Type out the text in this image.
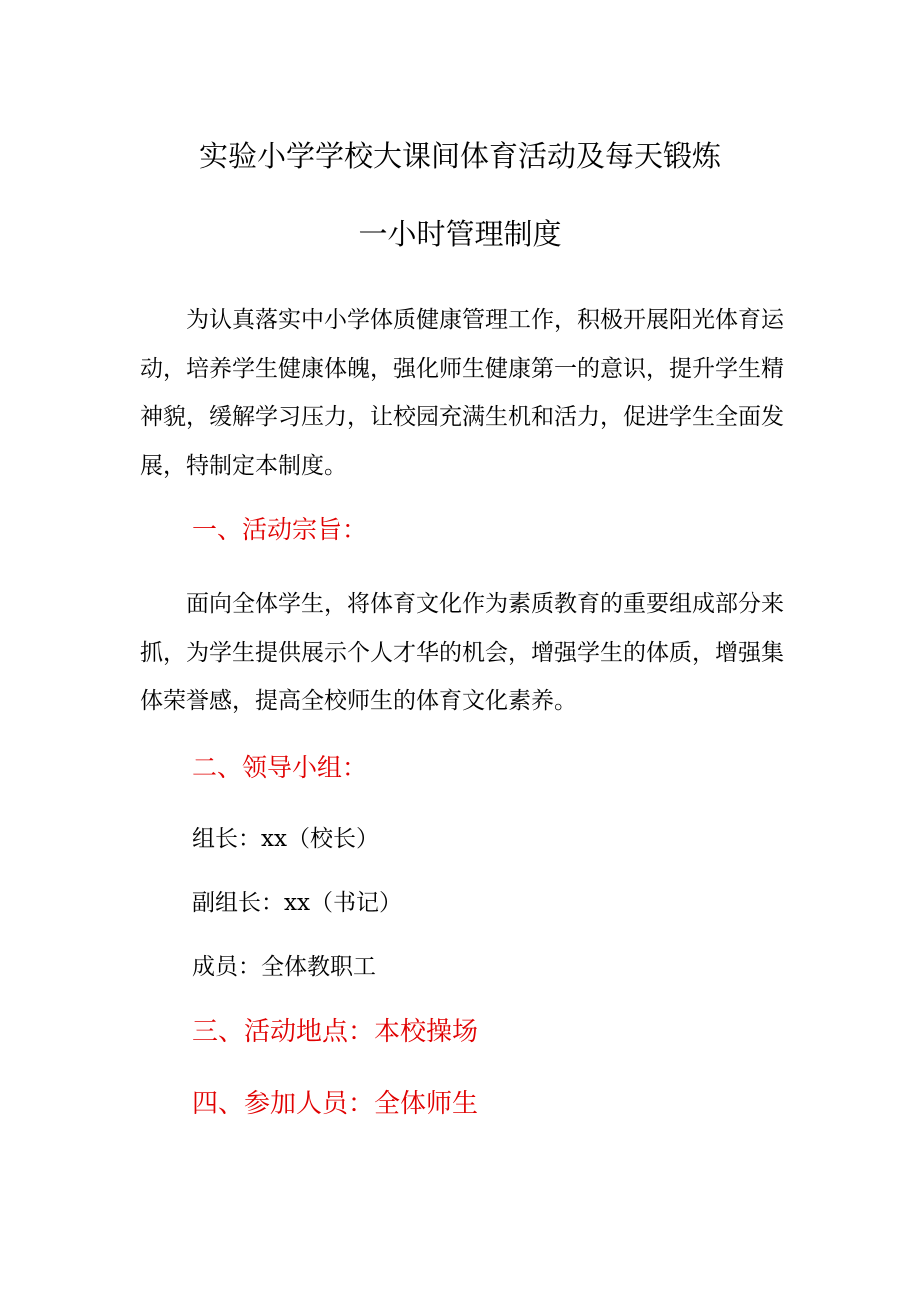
实验小学学校大课间体育活动及每天锻炼
一小时管理制度

为认真落实中小学体质健康管理工作，积极开展阳光体育运动，培养学生健康体魄，强化师生健康第一的意识，提升学生精神貌，缓解学习压力，让校园充满生机和活力，促进学生全面发展，特制定本制度。

一、活动宗旨：

面向全体学生，将体育文化作为素质教育的重要组成部分来抓，为学生提供展示个人才华的机会，增强学生的体质，增强集体荣誉感，提高全校师生的体育文化素养。

二、领导小组：

组长：xx（校长）

副组长：xx（书记）

成员：全体教职工

三、活动地点：本校操场
四、参加人员：全体师生
